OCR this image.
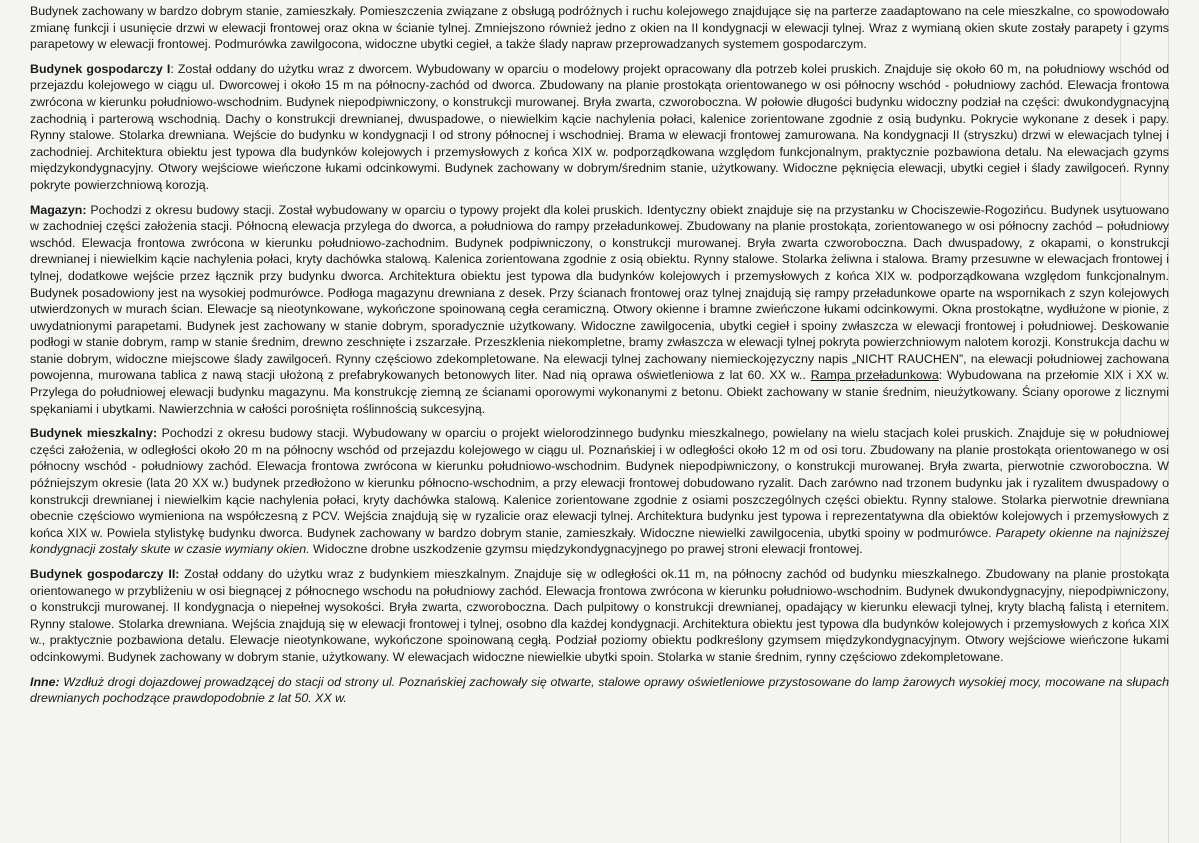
Budynek zachowany w bardzo dobrym stanie, zamieszkały. Pomieszczenia związane z obsługą podróżnych i ruchu kolejowego znajdujące się na parterze zaadaptowano na cele mieszkalne, co spowodowało zmianę funkcji i usunięcie drzwi w elewacji frontowej oraz okna w ścianie tylnej. Zmniejszono również jedno z okien na II kondygnacji w elewacji tylnej. Wraz z wymianą okien skute zostały parapety i gzyms parapetowy w elewacji frontowej. Podmurówka zawilgocona, widoczne ubytki cegieł, a także ślady napraw przeprowadzanych systemem gospodarczym.

Budynek gospodarczy I: Został oddany do użytku wraz z dworcem. Wybudowany w oparciu o modelowy projekt opracowany dla potrzeb kolei pruskich. Znajduje się około 60 m, na południowy wschód od przejazdu kolejowego w ciągu ul. Dworcowej i około 15 m na północny-zachód od dworca. Zbudowany na planie prostokąta orientowanego w osi północny wschód - południowy zachód. Elewacja frontowa zwrócona w kierunku południowo-wschodnim. Budynek niepodpiwniczony, o konstrukcji murowanej. Bryła zwarta, czworoboczna. W połowie długości budynku widoczny podział na części: dwukondygnacyjną zachodnią i parterową wschodnią. Dachy o konstrukcji drewnianej, dwuspadowe, o niewielkim kącie nachylenia połaci, kalenice zorientowane zgodnie z osią budynku. Pokrycie wykonane z desek i papy. Rynny stalowe. Stolarka drewniana. Wejście do budynku w kondygnacji I od strony północnej i wschodniej. Brama w elewacji frontowej zamurowana. Na kondygnacji II (stryszku) drzwi w elewacjach tylnej i zachodniej. Architektura obiektu jest typowa dla budynków kolejowych i przemysłowych z końca XIX w. podporządkowana względom funkcjonalnym, praktycznie pozbawiona detalu. Na elewacjach gzyms międzykondygnacyjny. Otwory wejściowe wieńczone łukami odcinkowymi. Budynek zachowany w dobrym/średnim stanie, użytkowany. Widoczne pęknięcia elewacji, ubytki cegieł i ślady zawilgoceń. Rynny pokryte powierzchniową korozją.

Magazyn: Pochodzi z okresu budowy stacji. Został wybudowany w oparciu o typowy projekt dla kolei pruskich. Identyczny obiekt znajduje się na przystanku w Chociszewie-Rogozińcu. Budynek usytuowano w zachodniej części założenia stacji. Północną elewacja przylega do dworca, a południowa do rampy przeładunkowej. Zbudowany na planie prostokąta, zorientowanego w osi północny zachód – południowy wschód. Elewacja frontowa zwrócona w kierunku południowo-zachodnim. Budynek podpiwniczony, o konstrukcji murowanej. Bryła zwarta czworoboczna. Dach dwuspadowy, z okapami, o konstrukcji drewnianej i niewielkim kącie nachylenia połaci, kryty dachówka stalową. Kalenica zorientowana zgodnie z osią obiektu. Rynny stalowe. Stolarka żeliwna i stalowa. Bramy przesuwne w elewacjach frontowej i tylnej, dodatkowe wejście przez łącznik przy budynku dworca. Architektura obiektu jest typowa dla budynków kolejowych i przemysłowych z końca XIX w. podporządkowana względom funkcjonalnym. Budynek posadowiony jest na wysokiej podmurówce. Podłoga magazynu drewniana z desek. Przy ścianach frontowej oraz tylnej znajdują się rampy przeładunkowe oparte na wspornikach z szyn kolejowych utwierdzonych w murach ścian. Elewacje są nieotynkowane, wykończone spoinowaną cegła ceramiczną. Otwory okienne i bramne zwieńczone łukami odcinkowymi. Okna prostokątne, wydłużone w pionie, z uwydatnionymi parapetami. Budynek jest zachowany w stanie dobrym, sporadycznie użytkowany. Widoczne zawilgocenia, ubytki cegieł i spoiny zwłaszcza w elewacji frontowej i południowej. Deskowanie podłogi w stanie dobrym, ramp w stanie średnim, drewno zeschnięte i zszarzałe. Przeszklenia niekompletne, bramy zwłaszcza w elewacji tylnej pokryta powierzchniowym nalotem korozji. Konstrukcja dachu w stanie dobrym, widoczne miejscowe ślady zawilgoceń. Rynny częściowo zdekompletowane. Na elewacji tylnej zachowany niemieckojęzyczny napis „NICHT RAUCHEN”, na elewacji południowej zachowana powojenna, murowana tablica z nawą stacji ułożoną z prefabrykowanych betonowych liter. Nad nią oprawa oświetleniowa z lat 60. XX w.. Rampa przeładunkowa: Wybudowana na przełomie XIX i XX w. Przylega do południowej elewacji budynku magazynu. Ma konstrukcję ziemną ze ścianami oporowymi wykonanymi z betonu. Obiekt zachowany w stanie średnim, nieużytkowany. Ściany oporowe z licznymi spękaniami i ubytkami. Nawierzchnia w całości porośnięta roślinnością sukcesyjną.

Budynek mieszkalny: Pochodzi z okresu budowy stacji. Wybudowany w oparciu o projekt wielorodzinnego budynku mieszkalnego, powielany na wielu stacjach kolei pruskich. Znajduje się w południowej części założenia, w odległości około 20 m na północny wschód od przejazdu kolejowego w ciągu ul. Poznańskiej i w odległości około 12 m od osi toru. Zbudowany na planie prostokąta orientowanego w osi północny wschód - południowy zachód. Elewacja frontowa zwrócona w kierunku południowo-wschodnim. Budynek niepodpiwniczony, o konstrukcji murowanej. Bryła zwarta, pierwotnie czworoboczna. W późniejszym okresie (lata 20 XX w.) budynek przedłożono w kierunku północno-wschodnim, a przy elewacji frontowej dobudowano ryzalit. Dach zarówno nad trzonem budynku jak i ryzalitem dwuspadowy o konstrukcji drewnianej i niewielkim kącie nachylenia połaci, kryty dachówka stalową. Kalenice zorientowane zgodnie z osiami poszczególnych części obiektu. Rynny stalowe. Stolarka pierwotnie drewniana obecnie częściowo wymieniona na współczesną z PCV. Wejścia znajdują się w ryzalicie oraz elewacji tylnej. Architektura budynku jest typowa i reprezentatywna dla obiektów kolejowych i przemysłowych z końca XIX w. Powiela stylistykę budynku dworca. Budynek zachowany w bardzo dobrym stanie, zamieszkały. Widoczne niewielki zawilgocenia, ubytki spoiny w podmurówce. Parapety okienne na najniższej kondygnacji zostały skute w czasie wymiany okien. Widoczne drobne uszkodzenie gzymsu międzykondygnacyjnego po prawej stroni elewacji frontowej.

Budynek gospodarczy II: Został oddany do użytku wraz z budynkiem mieszkalnym. Znajduje się w odległości ok.11 m, na północny zachód od budynku mieszkalnego. Zbudowany na planie prostokąta orientowanego w przybliżeniu w osi biegnącej z północnego wschodu na południowy zachód. Elewacja frontowa zwrócona w kierunku południowo-wschodnim. Budynek dwukondygnacyjny, niepodpiwniczony, o konstrukcji murowanej. II kondygnacja o niepełnej wysokości. Bryła zwarta, czworoboczna. Dach pulpitowy o konstrukcji drewnianej, opadający w kierunku elewacji tylnej, kryty blachą falistą i eternitem. Rynny stalowe. Stolarka drewniana. Wejścia znajdują się w elewacji frontowej i tylnej, osobno dla każdej kondygnacji. Architektura obiektu jest typowa dla budynków kolejowych i przemysłowych z końca XIX w., praktycznie pozbawiona detalu. Elewacje nieotynkowane, wykończone spoinowaną cegłą. Podział poziomy obiektu podkreślony gzymsem międzykondygnacyjnym. Otwory wejściowe wieńczone łukami odcinkowymi. Budynek zachowany w dobrym stanie, użytkowany. W elewacjach widoczne niewielkie ubytki spoin. Stolarka w stanie średnim, rynny częściowo zdekompletowane.

Inne: Wzdłuż drogi dojazdowej prowadzącej do stacji od strony ul. Poznańskiej zachowały się otwarte, stalowe oprawy oświetleniowe przystosowane do lamp żarowych wysokiej mocy, mocowane na słupach drewnianych pochodzące prawdopodobnie z lat 50. XX w.
